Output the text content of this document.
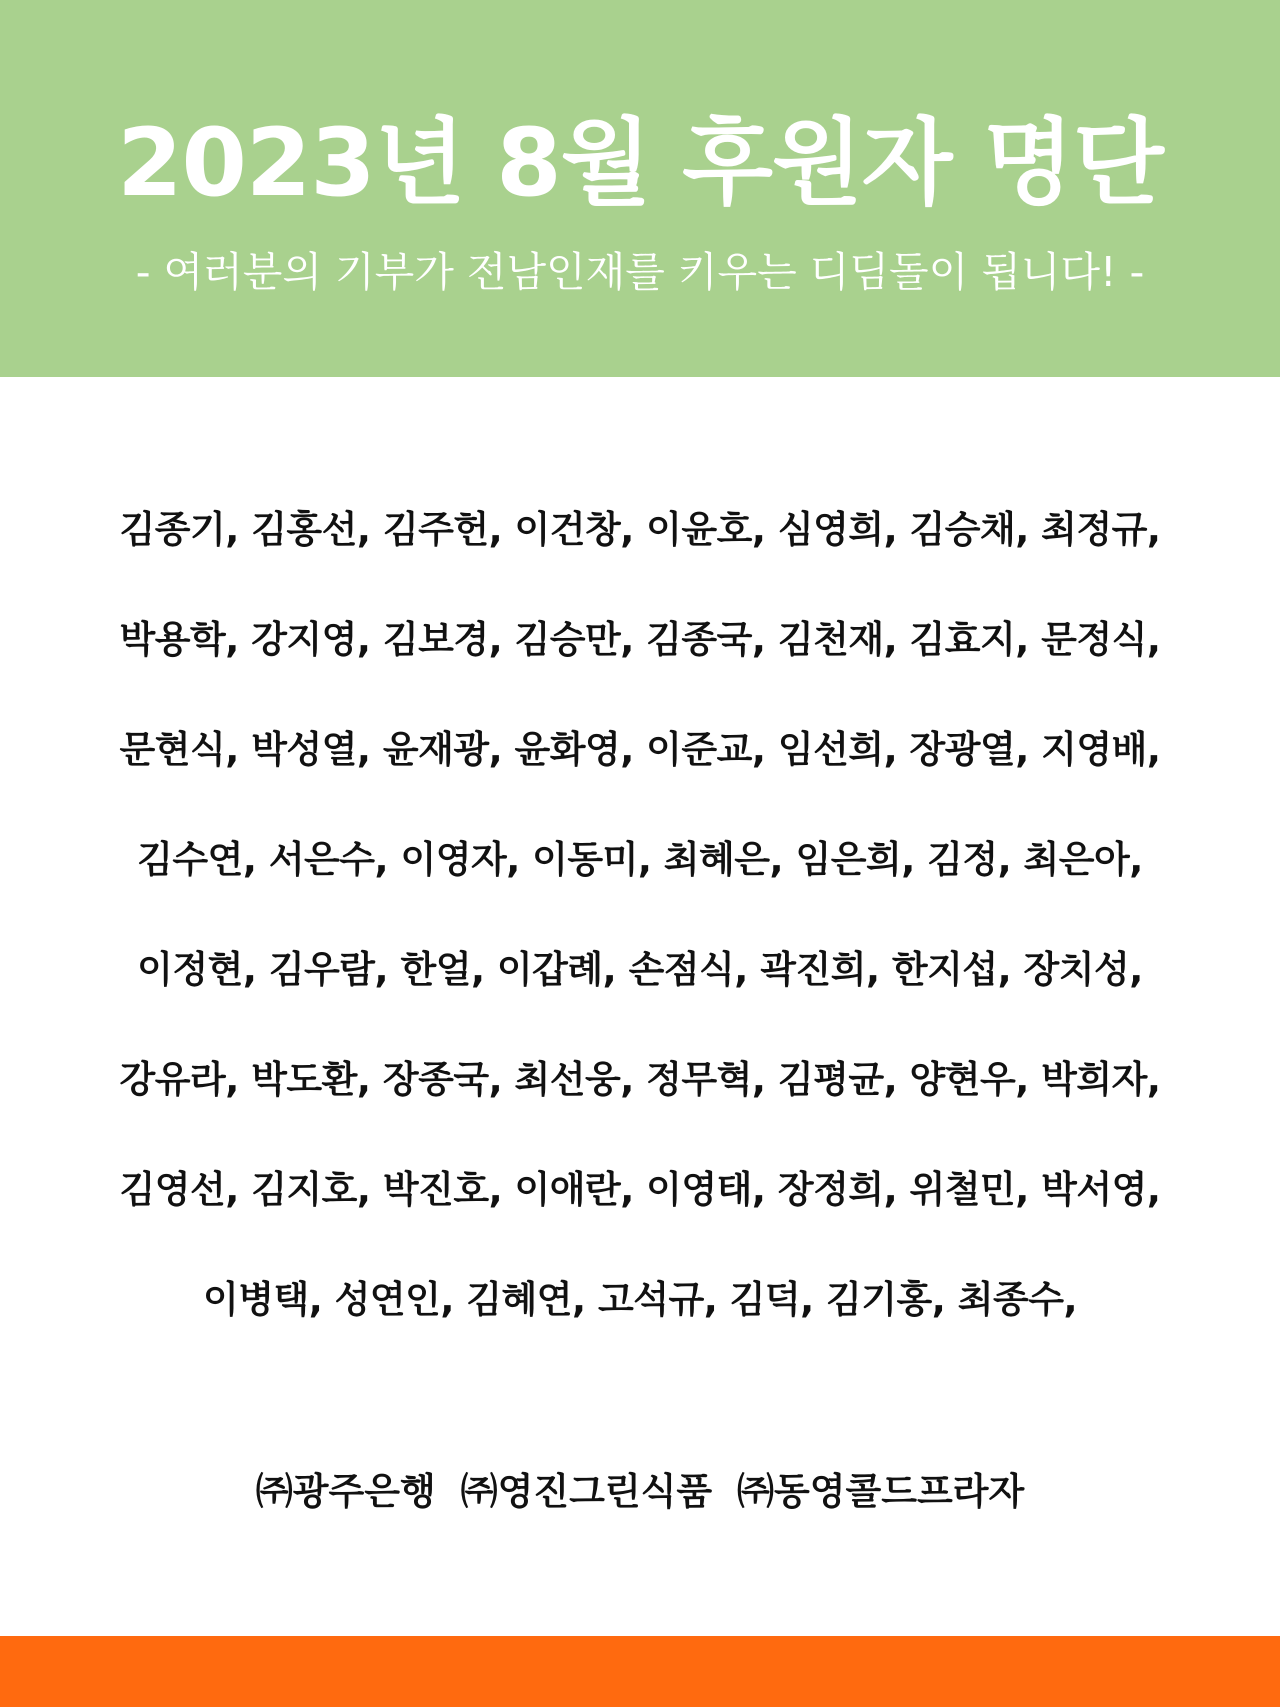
2023년 8월 후원자 명단
- 여러분의 기부가 전남인재를 키우는 디딤돌이 됩니다! -
김종기, 김홍선, 김주헌, 이건창, 이윤호, 심영희, 김승채, 최정규,
박용학, 강지영, 김보경, 김승만, 김종국, 김천재, 김효지, 문정식,
문현식, 박성열, 윤재광, 윤화영, 이준교, 임선희, 장광열, 지영배,
김수연, 서은수, 이영자, 이동미, 최혜은, 임은희, 김정, 최은아,
이정현, 김우람, 한얼, 이갑례, 손점식, 곽진희, 한지섭, 장치성,
강유라, 박도환, 장종국, 최선웅, 정무혁, 김평균, 양현우, 박희자,
김영선, 김지호, 박진호, 이애란, 이영태, 장정희, 위철민, 박서영,
이병택, 성연인, 김혜연, 고석규, 김덕, 김기홍, 최종수,
㈜광주은행 ㈜영진그린식품 ㈜동영콜드프라자
